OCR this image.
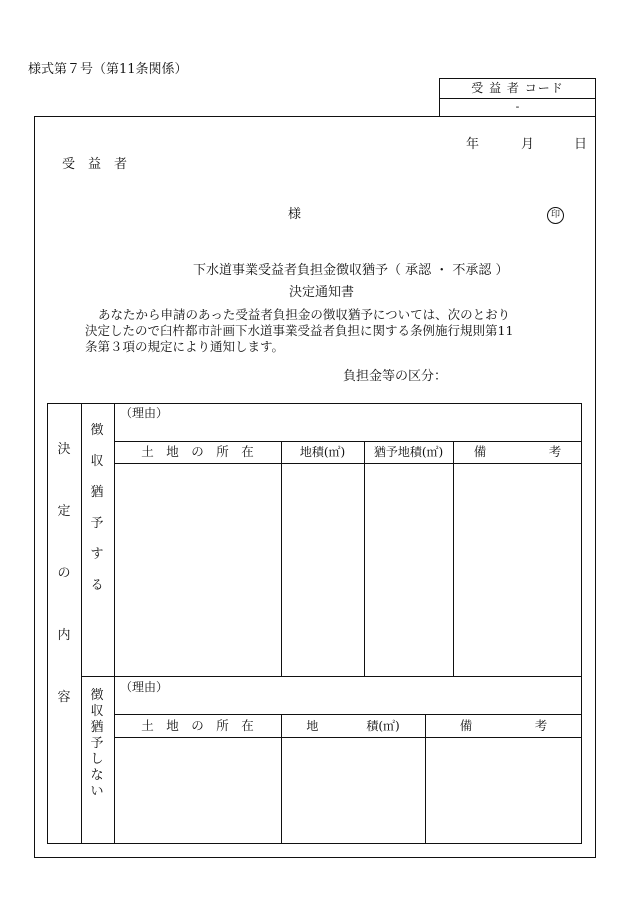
様式第７号（第11条関係）
受 益 者 コード
-
年	月	日
受　益　者
様	印
下水道事業受益者負担金徴収猶予（ 承認 ・ 不承認 ）
決定通知書
あなたから申請のあった受益者負担金の徴収猶予については、次のとおり
決定したので臼杵都市計画下水道事業受益者負担に関する条例施行規則第11
条第３項の規定により通知します。
負担金等の区分：
決
定
の
内
容
徴
収
猶
予
す
る
（理由）
土　地　の　所　在	地積(㎡)	猶予地積(㎡)	備　　　　　考
徴
収
猶
予
し
な
い
（理由）
土　地　の　所　在	地　　　　積(㎡)	備　　　　　考
